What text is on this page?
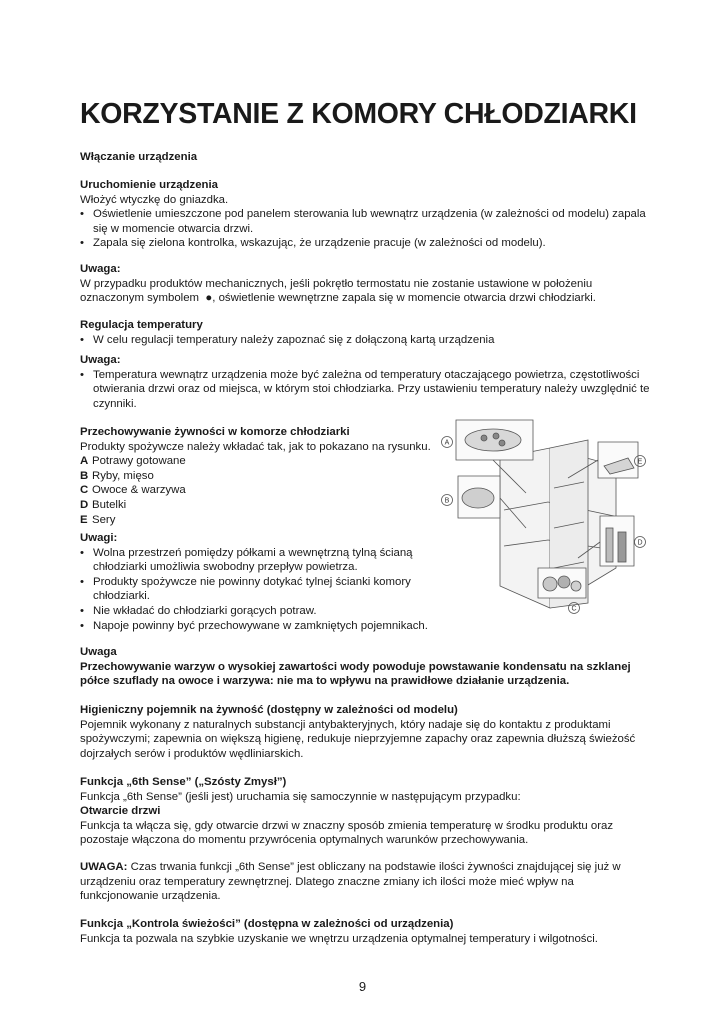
KORZYSTANIE Z KOMORY CHŁODZIARKI

Włączanie urządzenia

Uruchomienie urządzenia

Włożyć wtyczkę do gniazdka.

• Oświetlenie umieszczone pod panelem sterowania lub wewnątrz urządzenia (w zależności od modelu) zapala się w momencie otwarcia drzwi.
• Zapala się zielona kontrolka, wskazując, że urządzenie pracuje (w zależności od modelu).

Uwaga:

W przypadku produktów mechanicznych, jeśli pokrętło termostatu nie zostanie ustawione w położeniu oznaczonym symbolem ●, oświetlenie wewnętrzne zapala się w momencie otwarcia drzwi chłodziarki.

Regulacja temperatury

• W celu regulacji temperatury należy zapoznać się z dołączoną kartą urządzenia

Uwaga:

• Temperatura wewnątrz urządzenia może być zależna od temperatury otaczającego powietrza, częstotliwości otwierania drzwi oraz od miejsca, w którym stoi chłodziarka. Przy ustawieniu temperatury należy uwzględnić te czynniki.

Przechowywanie żywności w komorze chłodziarki

Produkty spożywcze należy wkładać tak, jak to pokazano na rysunku.

A Potrawy gotowane
B Ryby, mięso
C Owoce & warzywa
D Butelki
E Sery

Uwagi:

• Wolna przestrzeń pomiędzy półkami a wewnętrzną tylną ścianą chłodziarki umożliwia swobodny przepływ powietrza.
• Produkty spożywcze nie powinny dotykać tylnej ścianki komory chłodziarki.
• Nie wkładać do chłodziarki gorących potraw.
• Napoje powinny być przechowywane w zamkniętych pojemnikach.
A
B
C
D
E

Uwaga

Przechowywanie warzyw o wysokiej zawartości wody powoduje powstawanie kondensatu na szklanej półce szuflady na owoce i warzywa: nie ma to wpływu na prawidłowe działanie urządzenia.

Higieniczny pojemnik na żywność (dostępny w zależności od modelu)

Pojemnik wykonany z naturalnych substancji antybakteryjnych, który nadaje się do kontaktu z produktami spożywczymi; zapewnia on większą higienę, redukuje nieprzyjemne zapachy oraz zapewnia dłuższą świeżość dojrzałych serów i produktów wędliniarskich.

Funkcja „6th Sense” („Szósty Zmysł”)

Funkcja „6th Sense” (jeśli jest) uruchamia się samoczynnie w następującym przypadku:

Otwarcie drzwi

Funkcja ta włącza się, gdy otwarcie drzwi w znaczny sposób zmienia temperaturę w środku produktu oraz pozostaje włączona do momentu przywrócenia optymalnych warunków przechowywania.

UWAGA: Czas trwania funkcji „6th Sense” jest obliczany na podstawie ilości żywności znajdującej się już w urządzeniu oraz temperatury zewnętrznej. Dlatego znaczne zmiany ich ilości może mieć wpływ na funkcjonowanie urządzenia.

Funkcja „Kontrola świeżości” (dostępna w zależności od urządzenia)

Funkcja ta pozwala na szybkie uzyskanie we wnętrzu urządzenia optymalnej temperatury i wilgotności.

9
